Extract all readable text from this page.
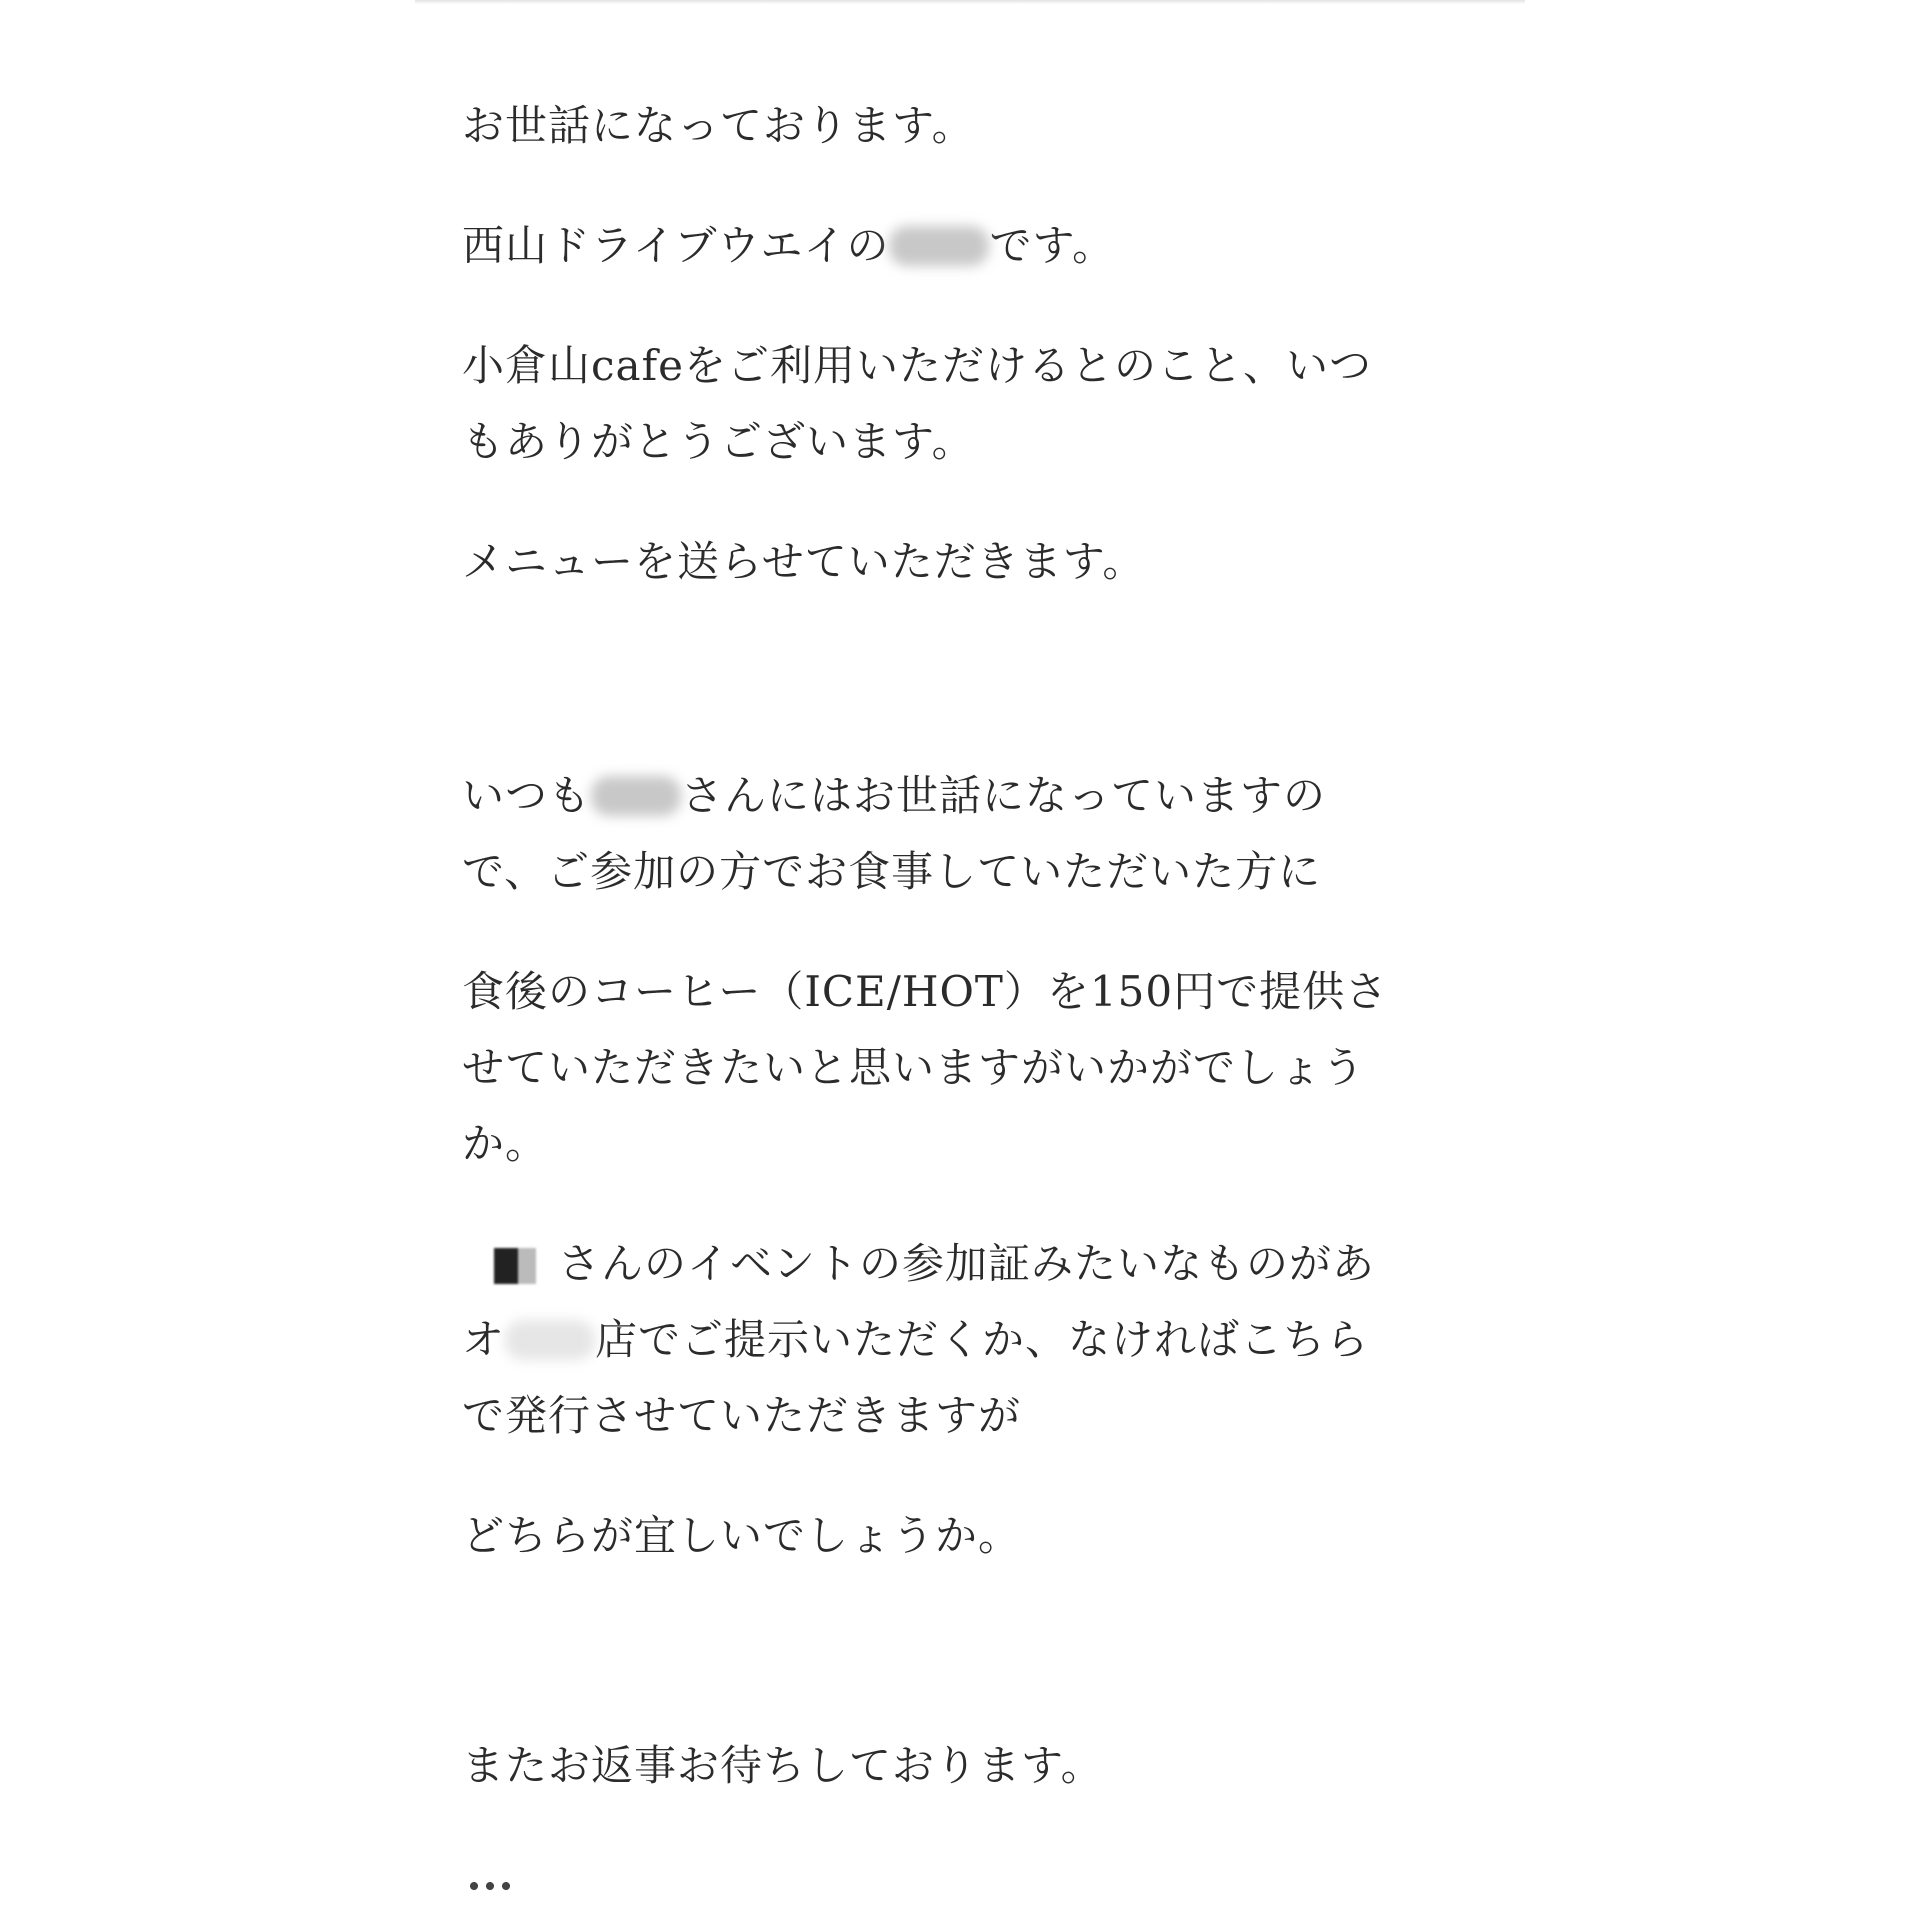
お世話になっております。
西山ドライブウエイの です。
小倉山cafeをご利用いただけるとのこと、いつ
もありがとうございます。
メニューを送らせていただきます。
いつも さんにはお世話になっていますの
で、ご参加の方でお食事していただいた方に
食後のコーヒー（ICE/HOT）を150円で提供さ
せていただきたいと思いますがいかがでしょう
か。
さんのイベントの参加証みたいなものがあ
オ 店でご提示いただくか、なければこちら
で発行させていただきますが
どちらが宜しいでしょうか。
またお返事お待ちしております。
